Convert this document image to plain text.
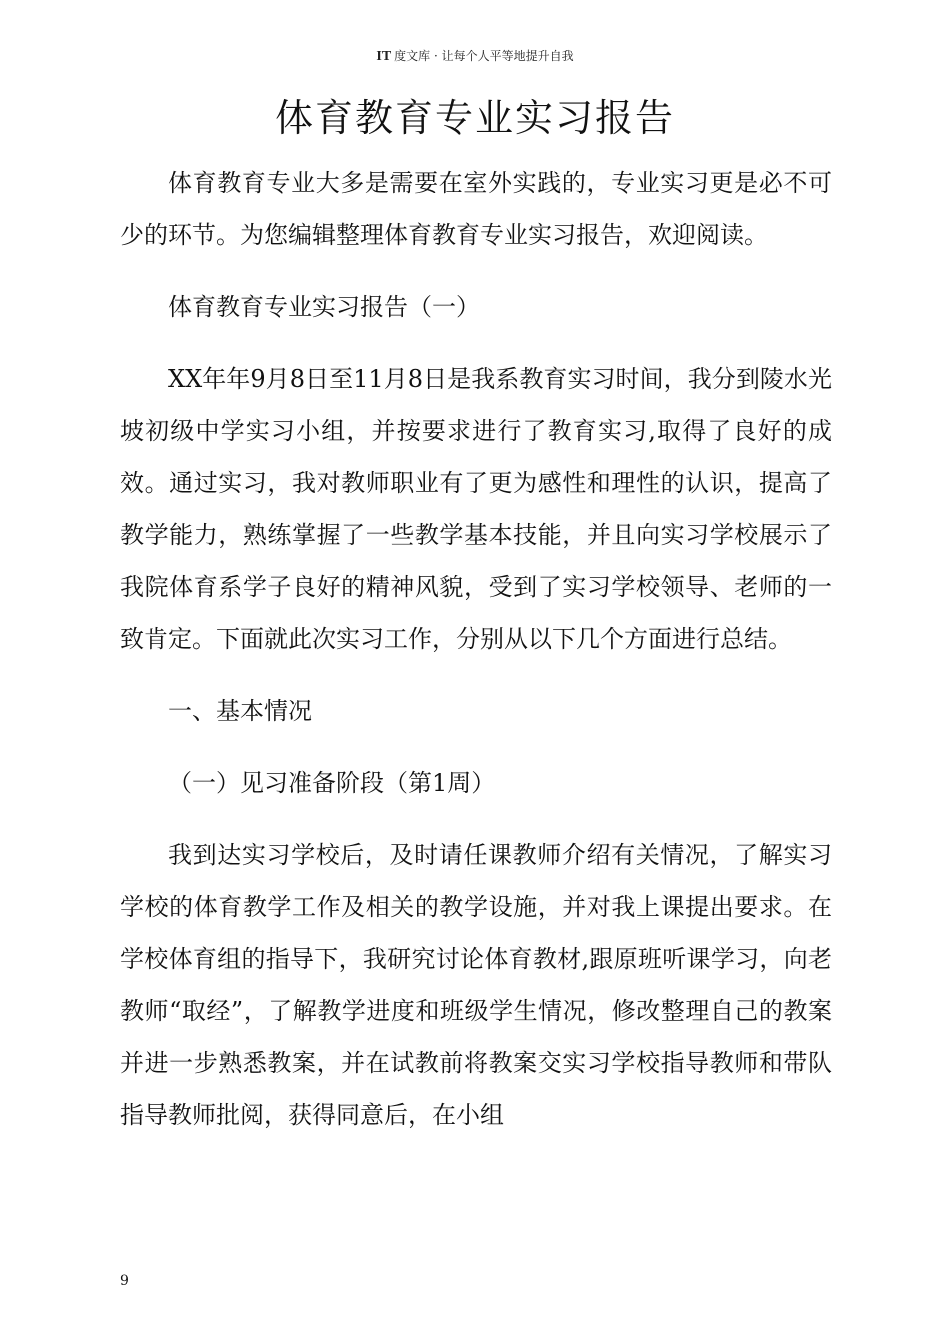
IT 度文库 · 让每个人平等地提升自我
体育教育专业实习报告

体育教育专业大多是需要在室外实践的，专业实习更是必不可少的环节。为您编辑整理体育教育专业实习报告，欢迎阅读。

体育教育专业实习报告（一）

XX年年9月8日至11月8日是我系教育实习时间，我分到陵水光坡初级中学实习小组，并按要求进行了教育实习,取得了良好的成效。通过实习，我对教师职业有了更为感性和理性的认识，提高了教学能力，熟练掌握了一些教学基本技能，并且向实习学校展示了我院体育系学子良好的精神风貌，受到了实习学校领导、老师的一致肯定。下面就此次实习工作，分别从以下几个方面进行总结。

一、基本情况

（一）见习准备阶段（第1周）

我到达实习学校后，及时请任课教师介绍有关情况，了解实习学校的体育教学工作及相关的教学设施，并对我上课提出要求。在学校体育组的指导下，我研究讨论体育教材,跟原班听课学习，向老教师“取经”，了解教学进度和班级学生情况，修改整理自己的教案并进一步熟悉教案，并在试教前将教案交实习学校指导教师和带队指导教师批阅，获得同意后，在小组

9
